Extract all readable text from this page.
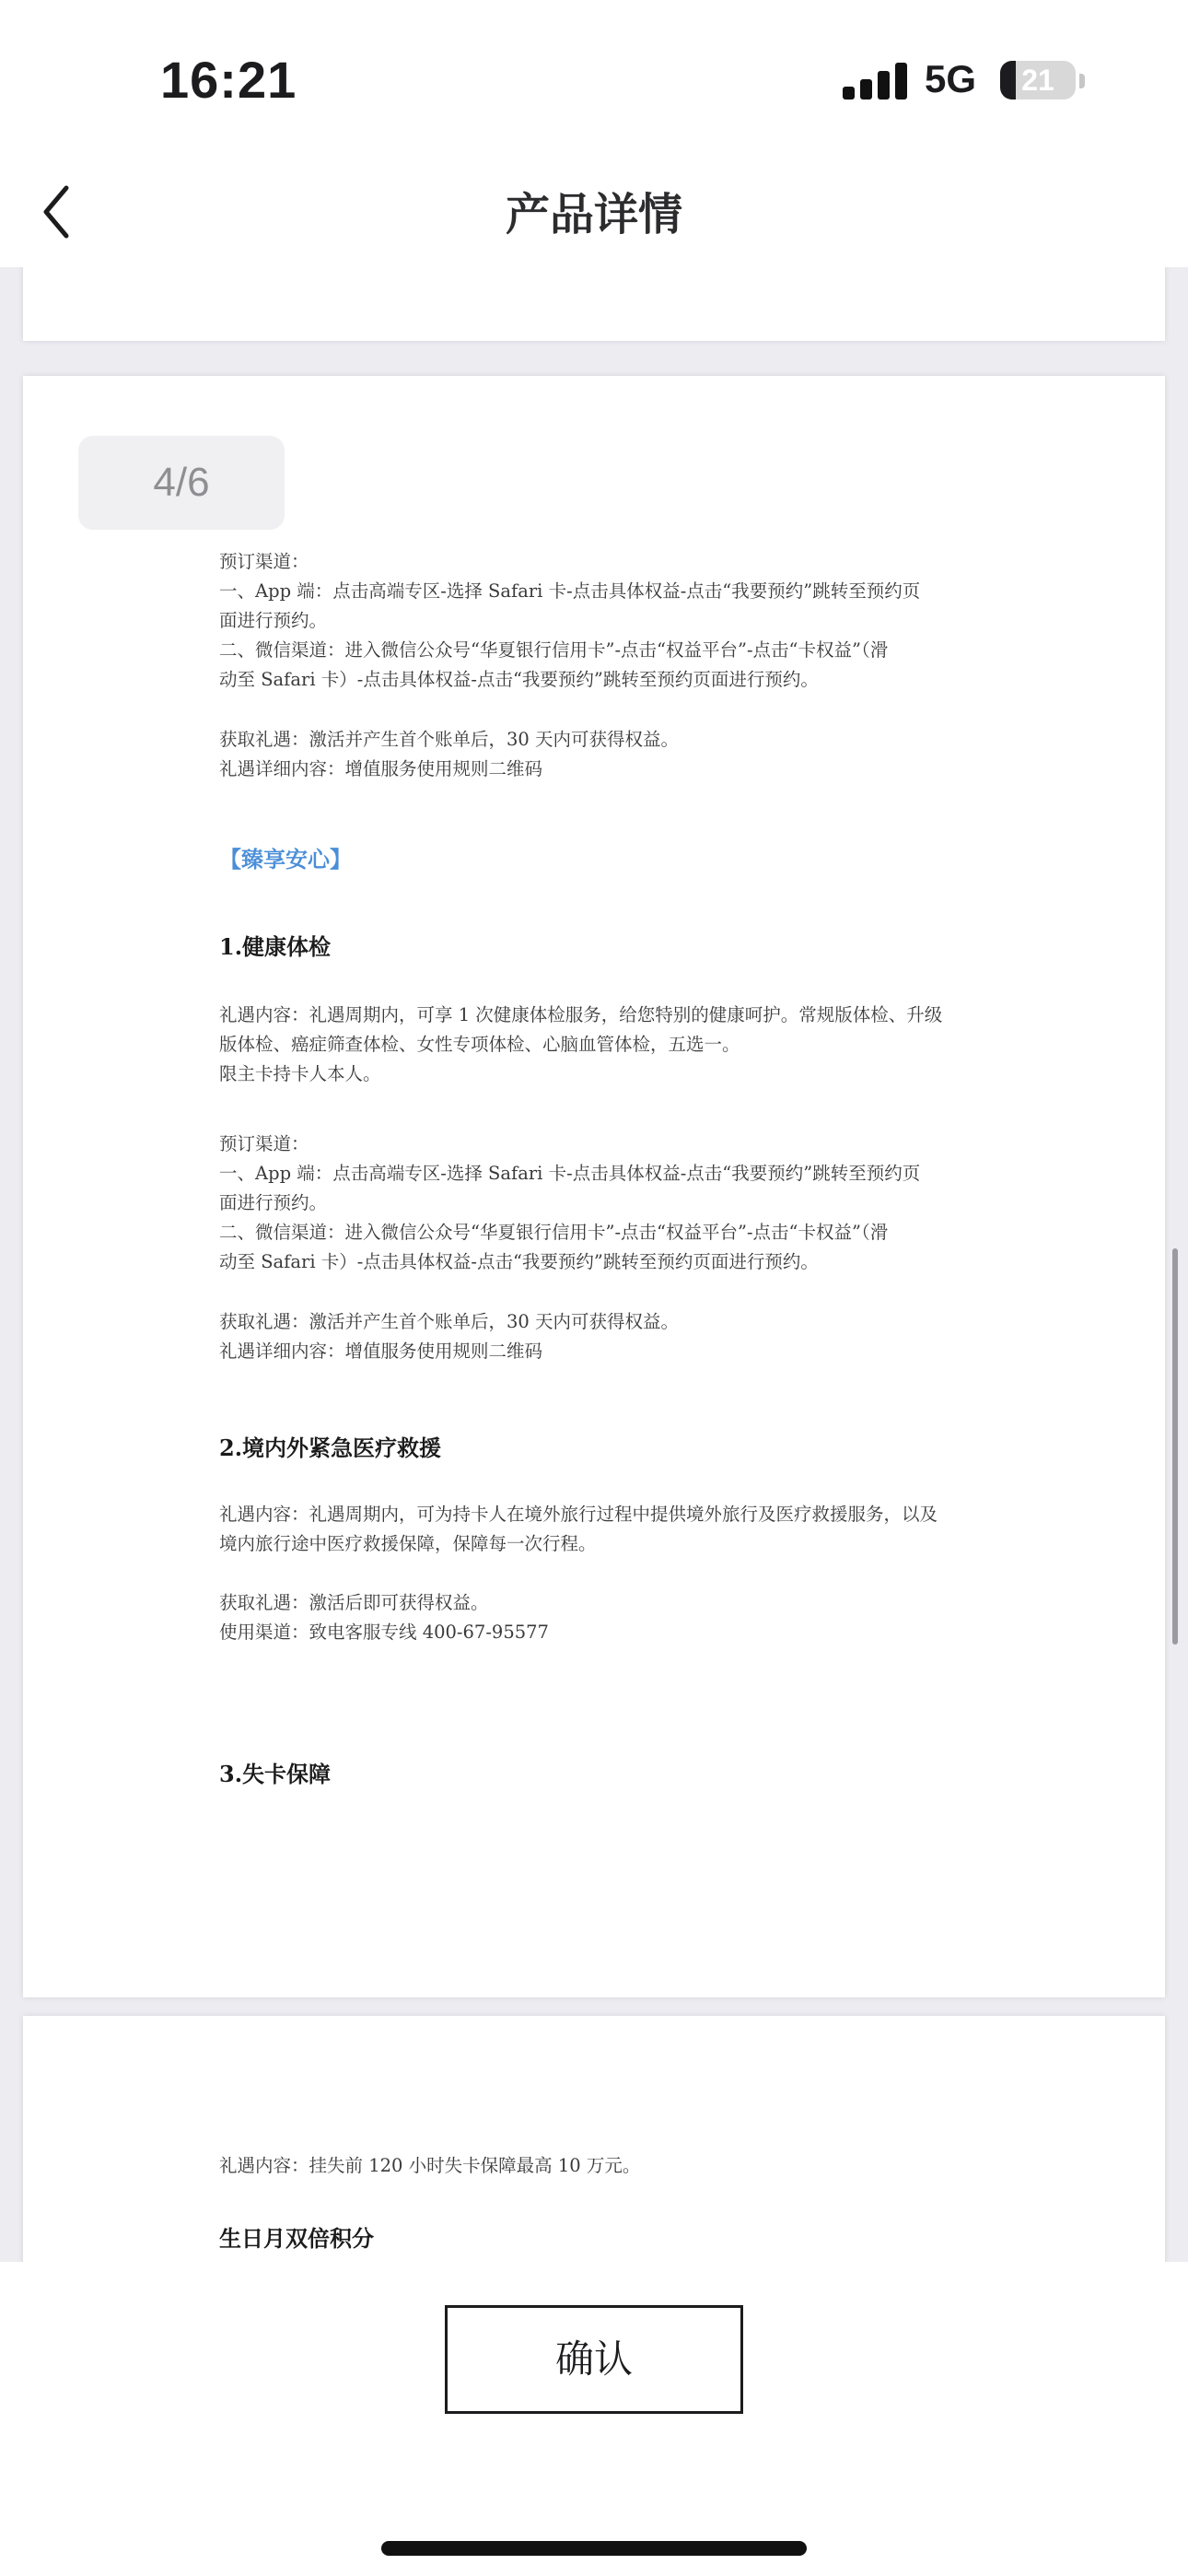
16:21	5G	21
产品详情
预订渠道：
一、App 端：点击高端专区-选择 Safari 卡-点击具体权益-点击“我要预约”跳转至预约页
面进行预约。
二、微信渠道：进入微信公众号“华夏银行信用卡”-点击“权益平台”-点击“卡权益”（滑
动至 Safari 卡）-点击具体权益-点击“我要预约”跳转至预约页面进行预约。
获取礼遇：激活并产生首个账单后，30 天内可获得权益。
礼遇详细内容：增值服务使用规则二维码
【臻享安心】
1.健康体检
礼遇内容：礼遇周期内，可享 1 次健康体检服务，给您特别的健康呵护。常规版体检、升级
版体检、癌症筛查体检、女性专项体检、心脑血管体检，五选一。
限主卡持卡人本人。
预订渠道：
一、App 端：点击高端专区-选择 Safari 卡-点击具体权益-点击“我要预约”跳转至预约页
面进行预约。
二、微信渠道：进入微信公众号“华夏银行信用卡”-点击“权益平台”-点击“卡权益”（滑
动至 Safari 卡）-点击具体权益-点击“我要预约”跳转至预约页面进行预约。
获取礼遇：激活并产生首个账单后，30 天内可获得权益。
礼遇详细内容：增值服务使用规则二维码
2.境内外紧急医疗救援
礼遇内容：礼遇周期内，可为持卡人在境外旅行过程中提供境外旅行及医疗救援服务，以及
境内旅行途中医疗救援保障，保障每一次行程。
获取礼遇：激活后即可获得权益。
使用渠道：致电客服专线 400-67-95577
3.失卡保障
4/6
礼遇内容：挂失前 120 小时失卡保障最高 10 万元。
生日月双倍积分
确认
